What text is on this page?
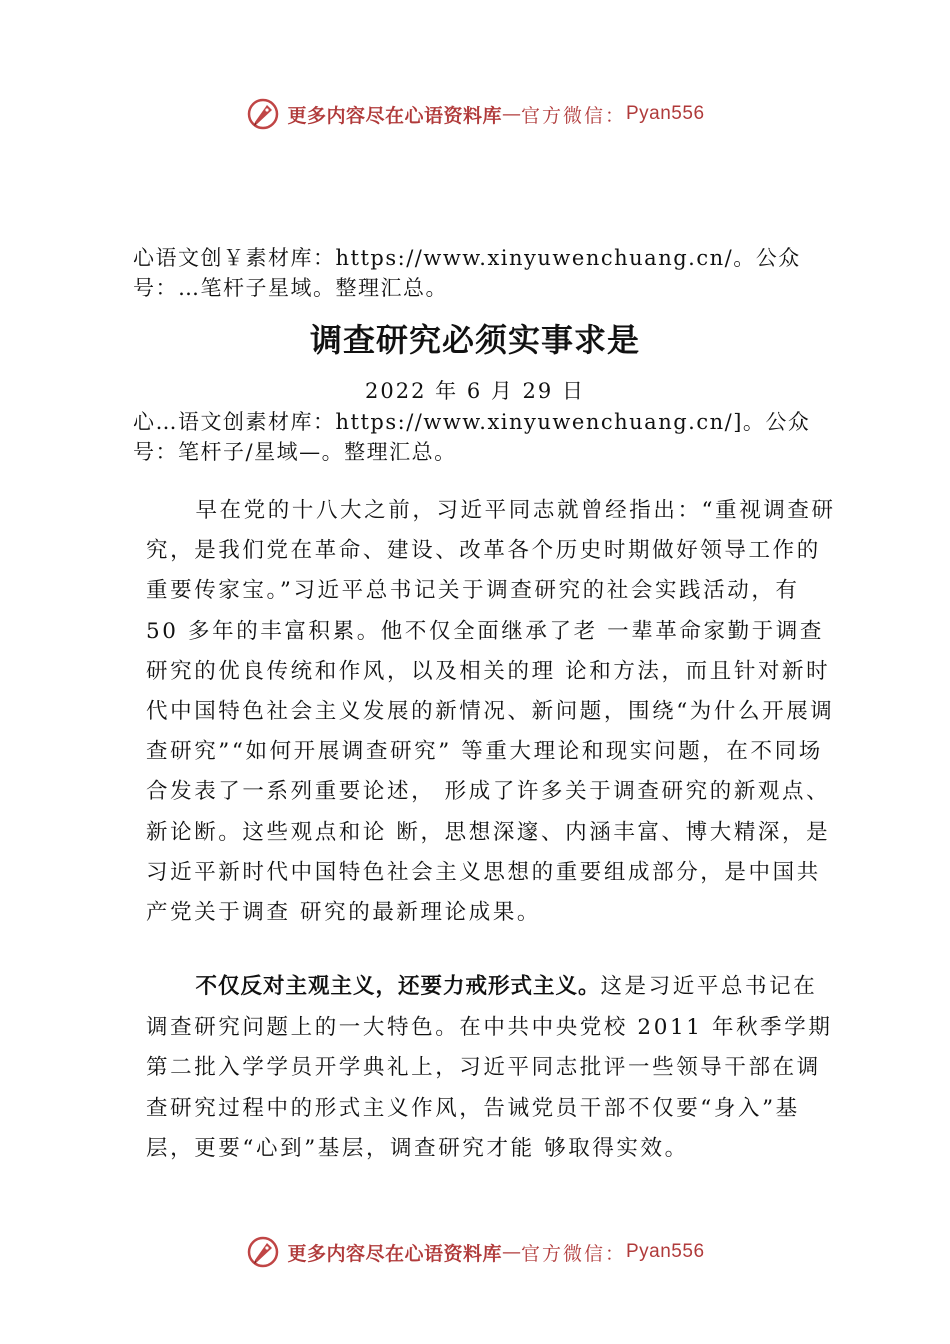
更多内容尽在心语资料库 — 官方微信： Pyan556
心语文创￥素材库：https://www.xinyuwenchuang.cn/。公众号：…笔杆子星域。整理汇总。
调查研究必须实事求是
2022 年 6 月 29 日
心…语文创素材库：https://www.xinyuwenchuang.cn/]。公众号：笔杆子/星域—。整理汇总。

早在党的十八大之前，习近平同志就曾经指出：“重视调查研究，是我们党在革命、建设、改革各个历史时期做好领导工作的重要传家宝。”习近平总书记关于调查研究的社会实践活动，有 50 多年的丰富积累。他不仅全面继承了老 一辈革命家勤于调查研究的优良传统和作风，以及相关的理 论和方法，而且针对新时代中国特色社会主义发展的新情况、新问题，围绕“为什么开展调查研究”“如何开展调查研究” 等重大理论和现实问题，在不同场合发表了一系列重要论述， 形成了许多关于调查研究的新观点、新论断。这些观点和论 断，思想深邃、内涵丰富、博大精深，是习近平新时代中国特色社会主义思想的重要组成部分，是中国共产党关于调查 研究的最新理论成果。

不仅反对主观主义，还要力戒形式主义。这是习近平总书记在调查研究问题上的一大特色。在中共中央党校 2011 年秋季学期第二批入学学员开学典礼上，习近平同志批评一些领导干部在调查研究过程中的形式主义作风，告诫党员干部不仅要“身入”基层，更要“心到”基层，调查研究才能 够取得实效。

更多内容尽在心语资料库 — 官方微信： Pyan556
